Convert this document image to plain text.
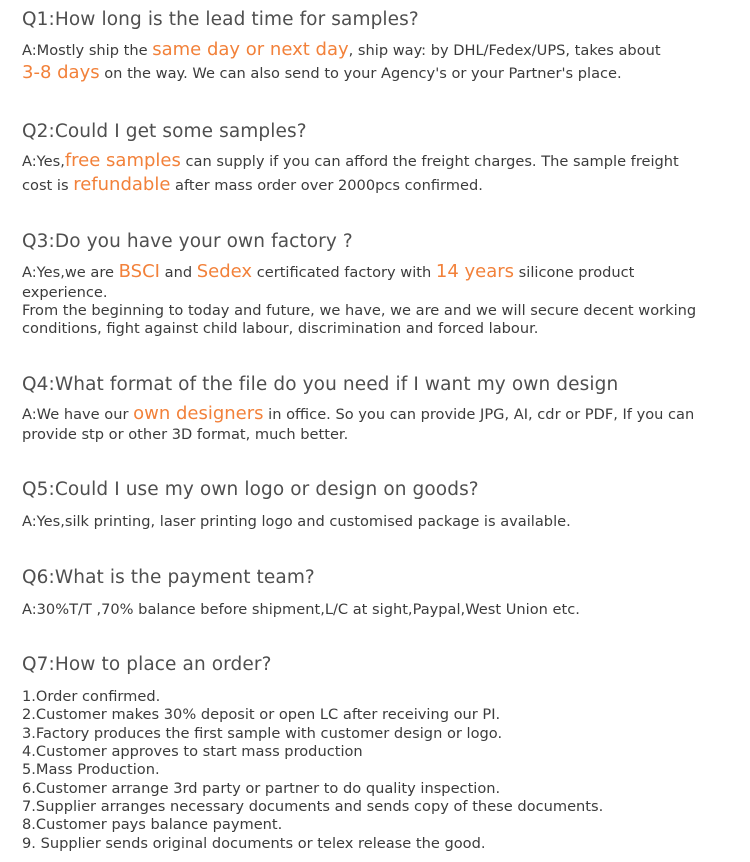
Q1:How long is the lead time for samples?

A:Mostly ship the same day or next day, ship way: by DHL/Fedex/UPS, takes about

3-8 days on the way. We can also send to your Agency's or your Partner's place.

Q2:Could I get some samples?

A:Yes,free samples can supply if you can afford the freight charges. The sample freight

cost is refundable after mass order over 2000pcs confirmed.

Q3:Do you have your own factory ?

A:Yes,we are BSCI and Sedex certificated factory with 14 years silicone product

experience.

From the beginning to today and future, we have, we are and we will secure decent working

conditions, fight against child labour, discrimination and forced labour.

Q4:What format of the file do you need if I want my own design

A:We have our own designers in office. So you can provide JPG, AI, cdr or PDF, If you can

provide stp or other 3D format, much better.

Q5:Could I use my own logo or design on goods?

A:Yes,silk printing, laser printing logo and customised package is available.

Q6:What is the payment team?

A:30%T/T ,70% balance before shipment,L/C at sight,Paypal,West Union etc.

Q7:How to place an order?
1.Order confirmed.
2.Customer makes 30% deposit or open LC after receiving our PI.
3.Factory produces the first sample with customer design or logo.
4.Customer approves to start mass production
5.Mass Production.
6.Customer arrange 3rd party or partner to do quality inspection.
7.Supplier arranges necessary documents and sends copy of these documents.
8.Customer pays balance payment.
9. Supplier sends original documents or telex release the good.
